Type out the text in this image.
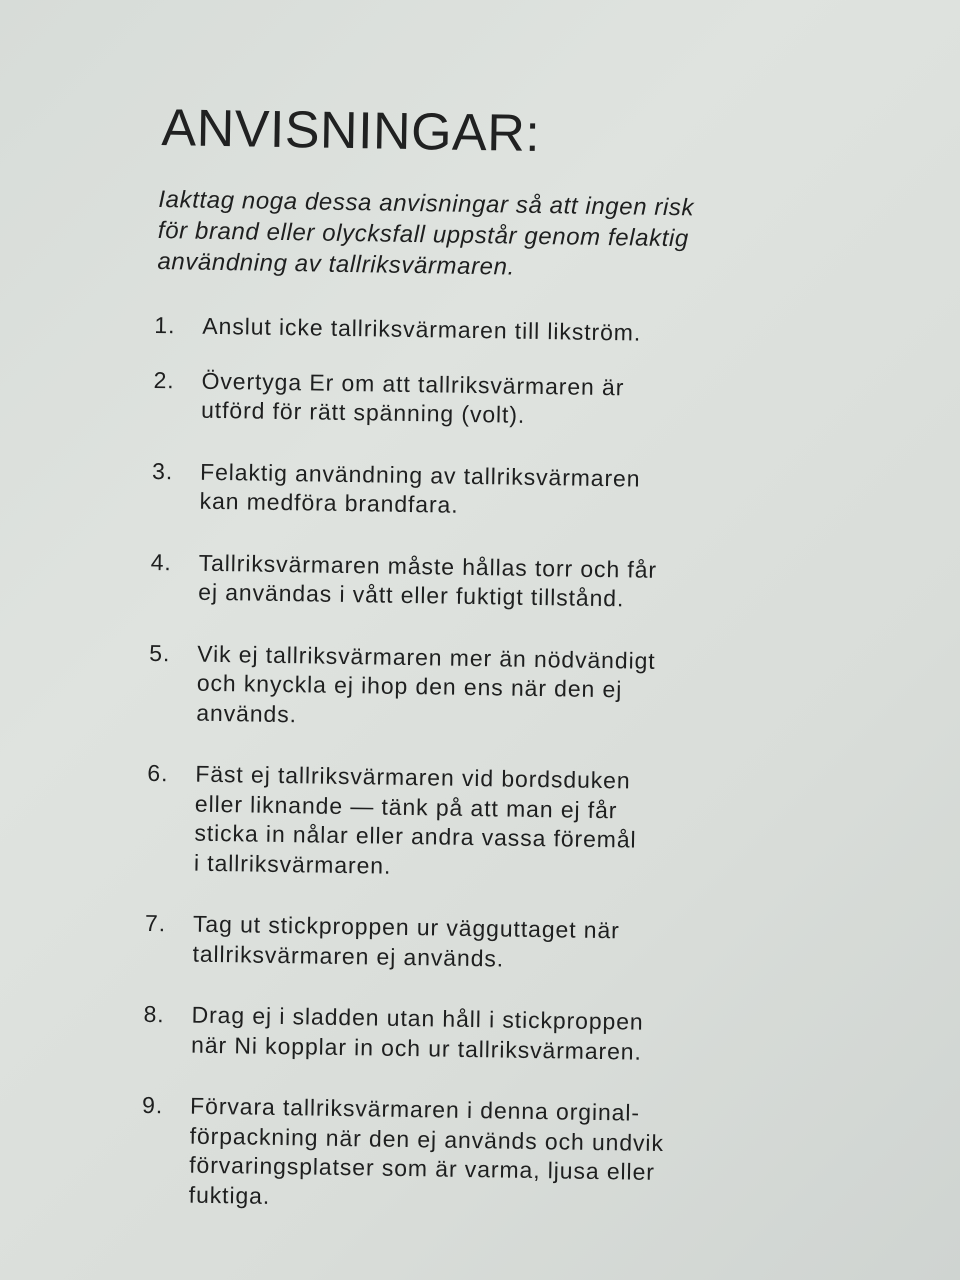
ANVISNINGAR:

Iakttag noga dessa anvisningar så att ingen risk
för brand eller olycksfall uppstår genom felaktig
användning av tallriksvärmaren.

1.	Anslut icke tallriksvärmaren till likström.
2.	Övertyga Er om att tallriksvärmaren är
utförd för rätt spänning (volt).
3.	Felaktig användning av tallriksvärmaren
kan medföra brandfara.
4.	Tallriksvärmaren måste hållas torr och får
ej användas i vått eller fuktigt tillstånd.
5.	Vik ej tallriksvärmaren mer än nödvändigt
och knyckla ej ihop den ens när den ej
används.
6.	Fäst ej tallriksvärmaren vid bordsduken
eller liknande — tänk på att man ej får
sticka in nålar eller andra vassa föremål
i tallriksvärmaren.
7.	Tag ut stickproppen ur vägguttaget när
tallriksvärmaren ej används.
8.	Drag ej i sladden utan håll i stickproppen
när Ni kopplar in och ur tallriksvärmaren.
9.	Förvara tallriksvärmaren i denna orginal-
förpackning när den ej används och undvik
förvaringsplatser som är varma, ljusa eller
fuktiga.
